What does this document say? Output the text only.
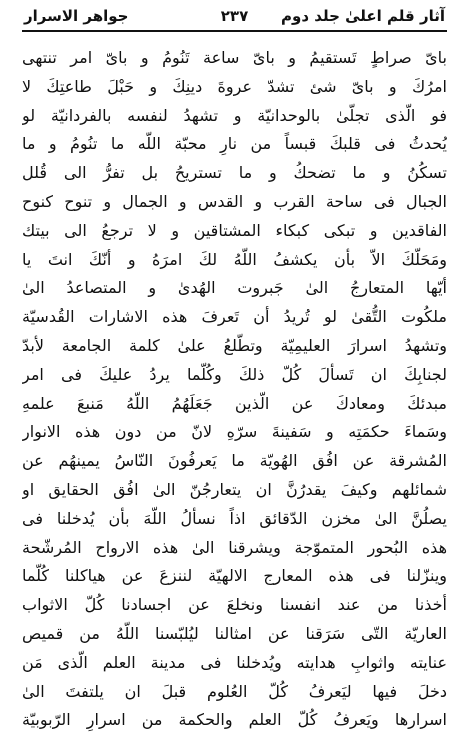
آثار قلم اعلیٰ جلد دوم
۲۳۷
جواهر الاسرار
باىّ صراطٍ تَستقيمُ و باىّ ساعة تَنُومُ و باىّ امر تنتهى
امرُكَ و باىّ شئ تشدّ عروةَ دينِكَ و حَبْلَ طاعتِكَ لا
فو الّذى تجلّىٰ بالوحدانيّة و تشهدُ لنفسه بالفردانيّة لو
يُحدثُ فى قلبكَ قبساً من نارِ محبّة اللّه ما تنُومُ و ما
تسكُنُ و ما تضحكُ و ما تستريحُ بل تفرُّ الى قُلل
الجبال فى ساحة القرب و القدس و الجمال و تنوح كنوح
الفاقدين و تبكى كبكاء المشتاقين و لا ترجعُ الى بيتك
ومَحَلّكَ الاّ بأن يكشفُ اللّهُ لكَ امرَهُ و أنّكَ انتَ يا
أيّها المتعارجُ الىٰ جَبروت الهُدىٰ و المتصاعدُ الىٰ
ملكُوت التُّقىٰ لو تُريدُ أن تَعرفَ هذه الاشارات القُدسيّة
وتشهدُ اسرارَ العليمِيّة وتطّلعُ علىٰ كلمة الجامعة لأبدّ
لجنابِكَ ان تَسألَ كُلّ ذلكَ وكُلّما يردُ عليكَ فى امر
مبدئكَ ومعادكَ عن الّذين جَعَلَهُمُ اللّهُ مَنبعَ علمهِ
وسَماءَ حكمَتِه و سَفينةَ سرّهِ لانّ من دون هذه الانوار
المُشرقة عن افُق الهُويّة ما يَعرفُونَ النّاسُ يمينهُم عن
شمائلهم وكيفَ يقدرُنَّ ان يتعارجُنّ الىٰ افُق الحقايق او
يصلُنَّ الىٰ مخزن الدّقائق اذاً نسألُ اللّهَ بأن يُدخلنا فى
هذه البُحور المتموّجة ويشرقنا الىٰ هذه الارواح المُرشّحة
وينزّلنا فى هذه المعارج الالهيّة لننزعَ عن هياكلنا كُلّما
أخذنا من عند انفسنا ونخلعَ عن اجسادنا كُلّ الاثواب
العاريّة التّى سَرَقنا عن امثالنا ليُلبّسنا اللّهُ من قميص
عنايته واثوابِ هدايته ويُدخلنا فى مدينة العلم الّذى مَن
دخلَ فيها ليَعرفُ كُلّ العُلوم قبلَ ان يلتفتَ الىٰ
اسرارها ويَعرفُ كُلّ العلم والحكمة من اسرارِ الرّبوبيّة
